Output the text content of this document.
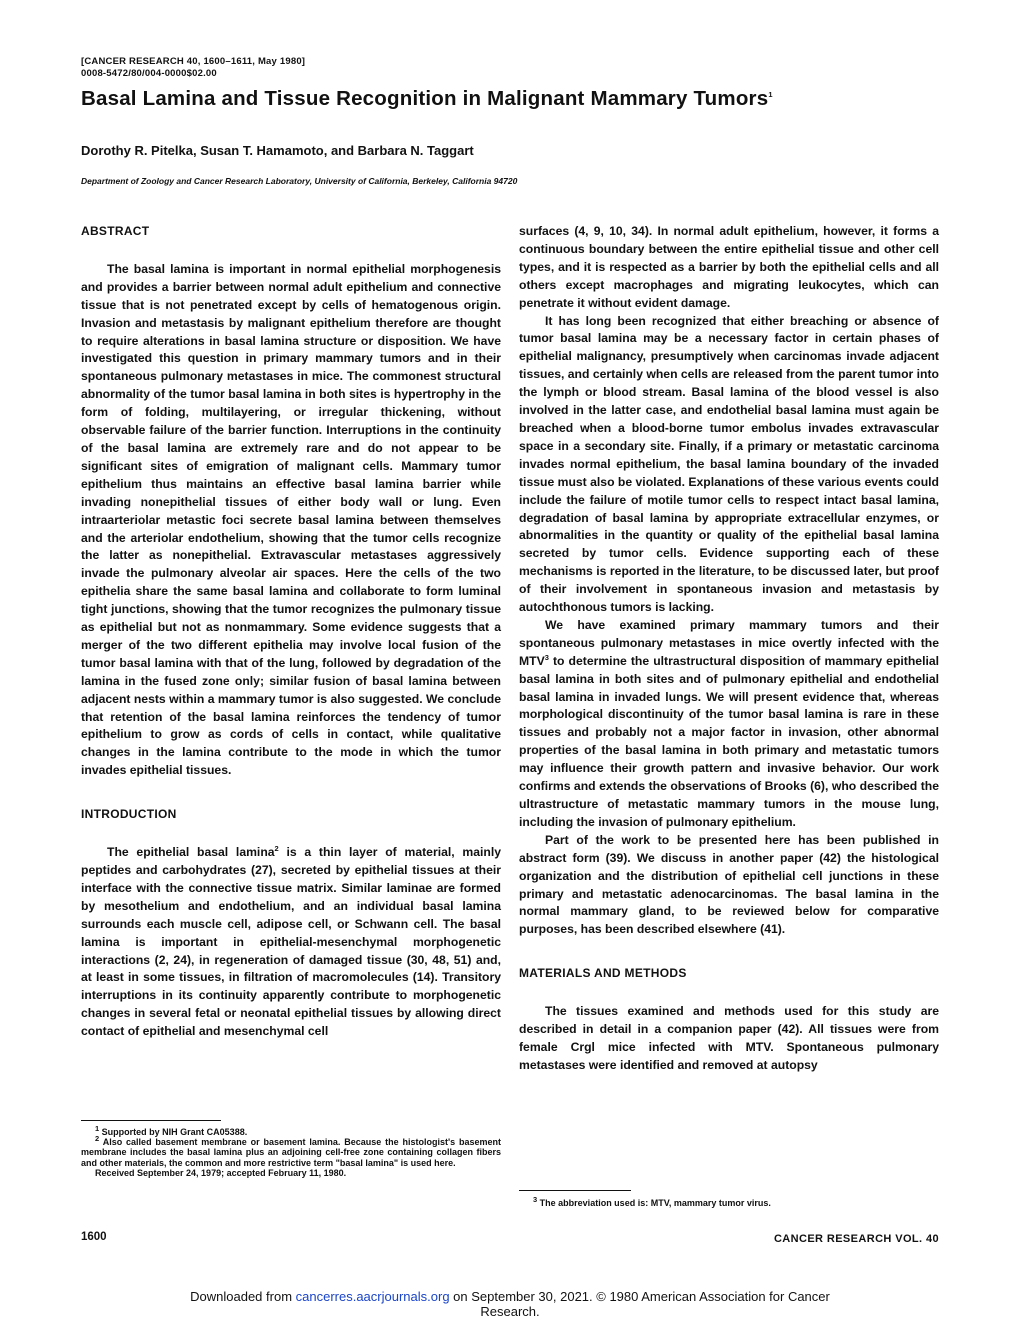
[CANCER RESEARCH 40, 1600–1611, May 1980]
0008-5472/80/004-0000$02.00
Basal Lamina and Tissue Recognition in Malignant Mammary Tumors$^1$
Dorothy R. Pitelka, Susan T. Hamamoto, and Barbara N. Taggart
Department of Zoology and Cancer Research Laboratory, University of California, Berkeley, California 94720
ABSTRACT

The basal lamina is important in normal epithelial morphogenesis and provides a barrier between normal adult epithelium and connective tissue that is not penetrated except by cells of hematogenous origin. Invasion and metastasis by malignant epithelium therefore are thought to require alterations in basal lamina structure or disposition. We have investigated this question in primary mammary tumors and in their spontaneous pulmonary metastases in mice. The commonest structural abnormality of the tumor basal lamina in both sites is hypertrophy in the form of folding, multilayering, or irregular thickening, without observable failure of the barrier function. Interruptions in the continuity of the basal lamina are extremely rare and do not appear to be significant sites of emigration of malignant cells. Mammary tumor epithelium thus maintains an effective basal lamina barrier while invading nonepithelial tissues of either body wall or lung. Even intraarteriolar metastic foci secrete basal lamina between themselves and the arteriolar endothelium, showing that the tumor cells recognize the latter as nonepithelial. Extravascular metastases aggressively invade the pulmonary alveolar air spaces. Here the cells of the two epithelia share the same basal lamina and collaborate to form luminal tight junctions, showing that the tumor recognizes the pulmonary tissue as epithelial but not as nonmammary. Some evidence suggests that a merger of the two different epithelia may involve local fusion of the tumor basal lamina with that of the lung, followed by degradation of the lamina in the fused zone only; similar fusion of basal lamina between adjacent nests within a mammary tumor is also suggested. We conclude that retention of the basal lamina reinforces the tendency of tumor epithelium to grow as cords of cells in contact, while qualitative changes in the lamina contribute to the mode in which the tumor invades epithelial tissues.

INTRODUCTION

The epithelial basal lamina$^2$ is a thin layer of material, mainly peptides and carbohydrates (27), secreted by epithelial tissues at their interface with the connective tissue matrix. Similar laminae are formed by mesothelium and endothelium, and an individual basal lamina surrounds each muscle cell, adipose cell, or Schwann cell. The basal lamina is important in epithelial-mesenchymal morphogenetic interactions (2, 24), in regeneration of damaged tissue (30, 48, 51) and, at least in some tissues, in filtration of macromolecules (14). Transitory interruptions in its continuity apparently contribute to morphogenetic changes in several fetal or neonatal epithelial tissues by allowing direct contact of epithelial and mesenchymal cell

$^1$ Supported by NIH Grant CA05388.

$^2$ Also called basement membrane or basement lamina. Because the histologist's basement membrane includes the basal lamina plus an adjoining cell-free zone containing collagen fibers and other materials, the common and more restrictive term "basal lamina" is used here.

Received September 24, 1979; accepted February 11, 1980.

surfaces (4, 9, 10, 34). In normal adult epithelium, however, it forms a continuous boundary between the entire epithelial tissue and other cell types, and it is respected as a barrier by both the epithelial cells and all others except macrophages and migrating leukocytes, which can penetrate it without evident damage.

It has long been recognized that either breaching or absence of tumor basal lamina may be a necessary factor in certain phases of epithelial malignancy, presumptively when carcinomas invade adjacent tissues, and certainly when cells are released from the parent tumor into the lymph or blood stream. Basal lamina of the blood vessel is also involved in the latter case, and endothelial basal lamina must again be breached when a blood-borne tumor embolus invades extravascular space in a secondary site. Finally, if a primary or metastatic carcinoma invades normal epithelium, the basal lamina boundary of the invaded tissue must also be violated. Explanations of these various events could include the failure of motile tumor cells to respect intact basal lamina, degradation of basal lamina by appropriate extracellular enzymes, or abnormalities in the quantity or quality of the epithelial basal lamina secreted by tumor cells. Evidence supporting each of these mechanisms is reported in the literature, to be discussed later, but proof of their involvement in spontaneous invasion and metastasis by autochthonous tumors is lacking.

We have examined primary mammary tumors and their spontaneous pulmonary metastases in mice overtly infected with the MTV$^3$ to determine the ultrastructural disposition of mammary epithelial basal lamina in both sites and of pulmonary epithelial and endothelial basal lamina in invaded lungs. We will present evidence that, whereas morphological discontinuity of the tumor basal lamina is rare in these tissues and probably not a major factor in invasion, other abnormal properties of the basal lamina in both primary and metastatic tumors may influence their growth pattern and invasive behavior. Our work confirms and extends the observations of Brooks (6), who described the ultrastructure of metastatic mammary tumors in the mouse lung, including the invasion of pulmonary epithelium.

Part of the work to be presented here has been published in abstract form (39). We discuss in another paper (42) the histological organization and the distribution of epithelial cell junctions in these primary and metastatic adenocarcinomas. The basal lamina in the normal mammary gland, to be reviewed below for comparative purposes, has been described elsewhere (41).

MATERIALS AND METHODS

The tissues examined and methods used for this study are described in detail in a companion paper (42). All tissues were from female Crgl mice infected with MTV. Spontaneous pulmonary metastases were identified and removed at autopsy

$^3$ The abbreviation used is: MTV, mammary tumor virus.

1600	CANCER RESEARCH VOL. 40
Downloaded from cancerres.aacrjournals.org on September 30, 2021. © 1980 American Association for Cancer
Research.
